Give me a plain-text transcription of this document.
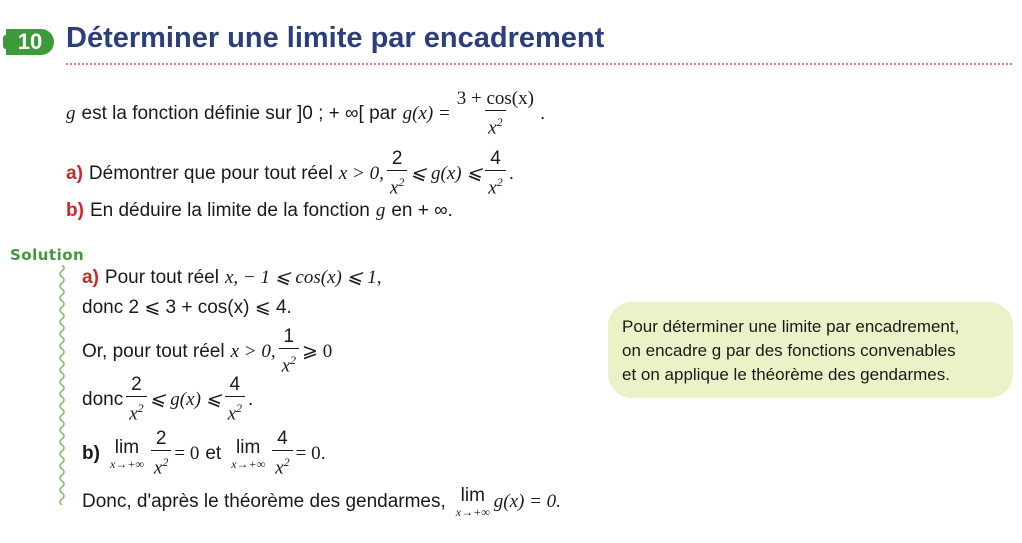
10 Déterminer une limite par encadrement
g est la fonction définie sur ]0 ; + ∞[ par $g(x) = \frac{3 + \cos(x)}{x^2}$ .
a) Démontrer que pour tout réel x > 0, $\frac{2}{x^2}$ ⩽ g(x) ⩽ $\frac{4}{x^2}$ .
b) En déduire la limite de la fonction g en + ∞.
Solution
a) Pour tout réel x, − 1 ⩽ cos(x) ⩽ 1,
donc 2 ⩽ 3 + cos(x) ⩽ 4.
Or, pour tout réel x > 0, $\frac{1}{x^2}$ ⩾ 0
donc $\frac{2}{x^2}$ ⩽ g(x) ⩽ $\frac{4}{x^2}$ .
b) lim
$x\to+\infty \frac{2}{x^2} = 0$ et lim
$x\to+\infty \frac{4}{x^2} = 0$ .
Donc, d'après le théorème des gendarmes, lim
x→+∞ g(x) = 0.
Pour déterminer une limite par encadrement,
on encadre g par des fonctions convenables
et on applique le théorème des gendarmes.
